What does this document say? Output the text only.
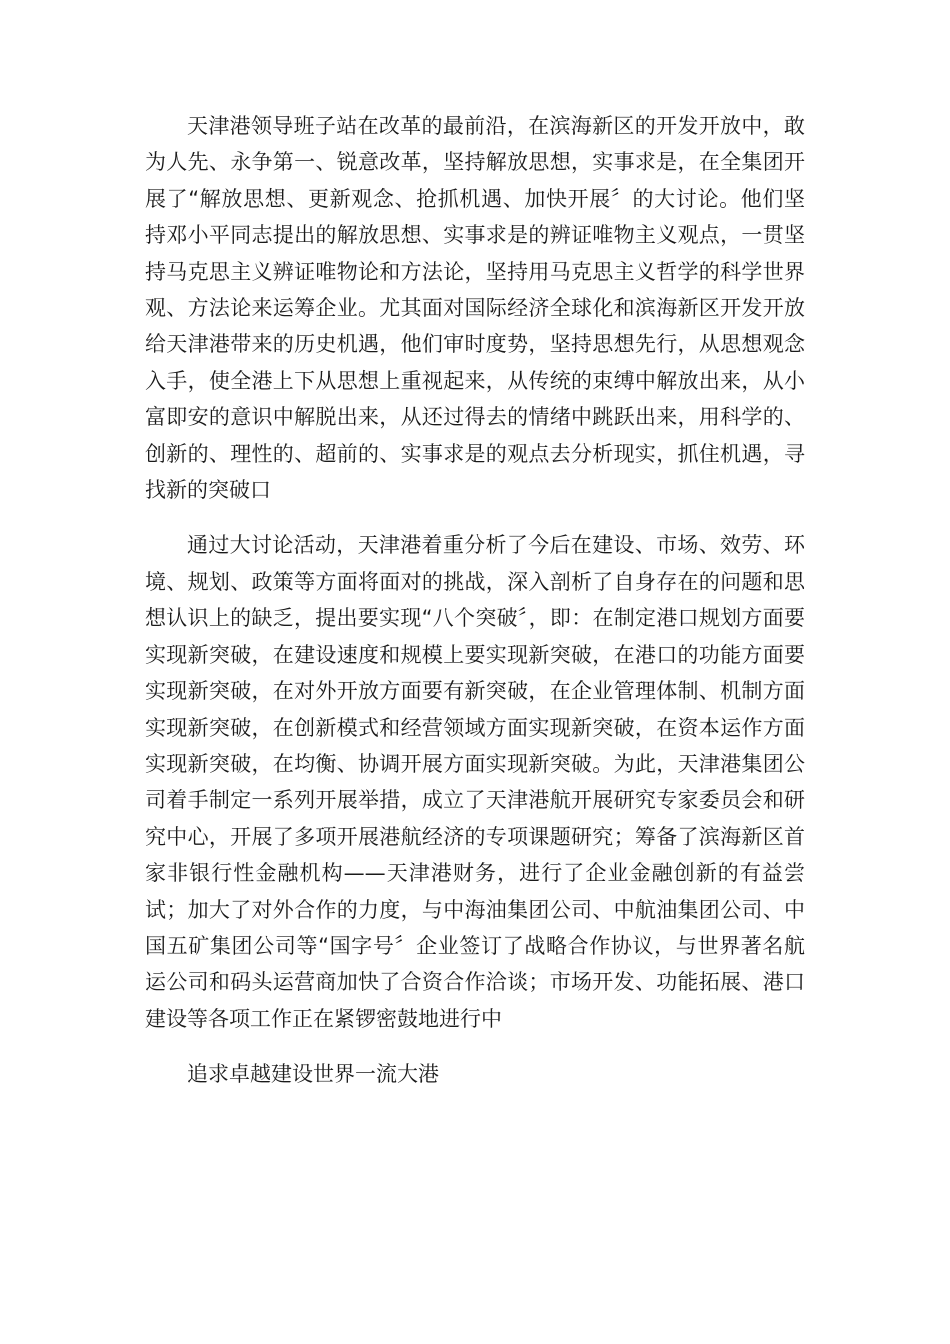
天津港领导班子站在改革的最前沿，在滨海新区的开发开放中，敢为人先、永争第一、锐意改革，坚持解放思想，实事求是，在全集团开展了“解放思想、更新观念、抢抓机遇、加快开展〞的大讨论。他们坚持邓小平同志提出的解放思想、实事求是的辨证唯物主义观点，一贯坚持马克思主义辨证唯物论和方法论，坚持用马克思主义哲学的科学世界观、方法论来运筹企业。尤其面对国际经济全球化和滨海新区开发开放给天津港带来的历史机遇，他们审时度势，坚持思想先行，从思想观念入手，使全港上下从思想上重视起来，从传统的束缚中解放出来，从小富即安的意识中解脱出来，从还过得去的情绪中跳跃出来，用科学的、创新的、理性的、超前的、实事求是的观点去分析现实，抓住机遇，寻找新的突破口

通过大讨论活动，天津港着重分析了今后在建设、市场、效劳、环境、规划、政策等方面将面对的挑战，深入剖析了自身存在的问题和思想认识上的缺乏，提出要实现“八个突破〞，即：在制定港口规划方面要实现新突破，在建设速度和规模上要实现新突破，在港口的功能方面要实现新突破，在对外开放方面要有新突破，在企业管理体制、机制方面实现新突破，在创新模式和经营领域方面实现新突破，在资本运作方面实现新突破，在均衡、协调开展方面实现新突破。为此，天津港集团公司着手制定一系列开展举措，成立了天津港航开展研究专家委员会和研究中心，开展了多项开展港航经济的专项课题研究；筹备了滨海新区首家非银行性金融机构——天津港财务，进行了企业金融创新的有益尝试；加大了对外合作的力度，与中海油集团公司、中航油集团公司、中国五矿集团公司等“国字号〞企业签订了战略合作协议，与世界著名航运公司和码头运营商加快了合资合作洽谈；市场开发、功能拓展、港口建设等各项工作正在紧锣密鼓地进行中

追求卓越建设世界一流大港
